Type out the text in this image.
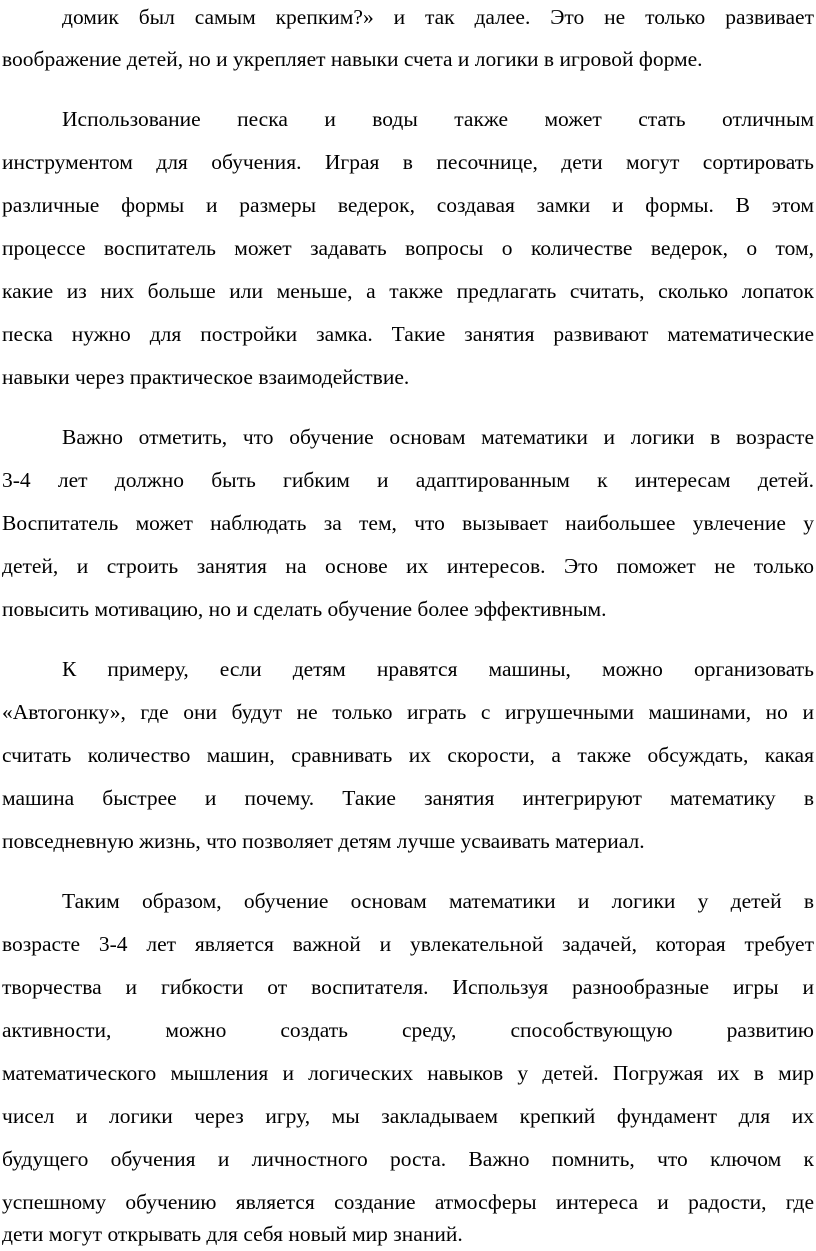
домик был самым крепким?» и так далее. Это не только развивает
воображение детей, но и укрепляет навыки счета и логики в игровой форме.
Использование песка и воды также может стать отличным
инструментом для обучения. Играя в песочнице, дети могут сортировать
различные формы и размеры ведерок, создавая замки и формы. В этом
процессе воспитатель может задавать вопросы о количестве ведерок, о том,
какие из них больше или меньше, а также предлагать считать, сколько лопаток
песка нужно для постройки замка. Такие занятия развивают математические
навыки через практическое взаимодействие.
Важно отметить, что обучение основам математики и логики в возрасте
3-4 лет должно быть гибким и адаптированным к интересам детей.
Воспитатель может наблюдать за тем, что вызывает наибольшее увлечение у
детей, и строить занятия на основе их интересов. Это поможет не только
повысить мотивацию, но и сделать обучение более эффективным.
К примеру, если детям нравятся машины, можно организовать
«Автогонку», где они будут не только играть с игрушечными машинами, но и
считать количество машин, сравнивать их скорости, а также обсуждать, какая
машина быстрее и почему. Такие занятия интегрируют математику в
повседневную жизнь, что позволяет детям лучше усваивать материал.
Таким образом, обучение основам математики и логики у детей в
возрасте 3-4 лет является важной и увлекательной задачей, которая требует
творчества и гибкости от воспитателя. Используя разнообразные игры и
активности, можно создать среду, способствующую развитию
математического мышления и логических навыков у детей. Погружая их в мир
чисел и логики через игру, мы закладываем крепкий фундамент для их
будущего обучения и личностного роста. Важно помнить, что ключом к
успешному обучению является создание атмосферы интереса и радости, где
дети могут открывать для себя новый мир знаний.
